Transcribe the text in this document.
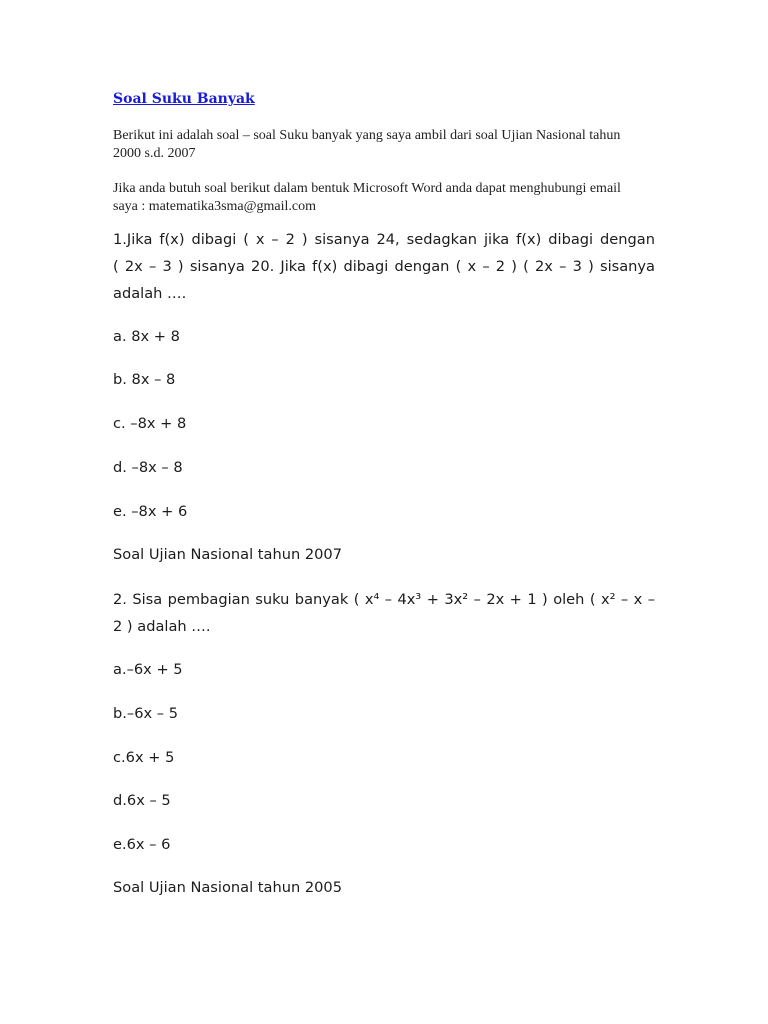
Soal Suku Banyak
Berikut ini adalah soal – soal Suku banyak yang saya ambil dari soal Ujian Nasional tahun
2000 s.d. 2007
Jika anda butuh soal berikut dalam bentuk Microsoft Word anda dapat menghubungi email
saya : matematika3sma@gmail.com
1.Jika f(x) dibagi ( x – 2 ) sisanya 24, sedagkan jika f(x) dibagi dengan
( 2x – 3 ) sisanya 20. Jika f(x) dibagi dengan ( x – 2 ) ( 2x – 3 ) sisanya
adalah ….
a. 8x + 8
b. 8x – 8
c. –8x + 8
d. –8x – 8
e. –8x + 6
Soal Ujian Nasional tahun 2007
2. Sisa pembagian suku banyak ( x⁴ – 4x³ + 3x² – 2x + 1 ) oleh ( x² – x –
2 ) adalah ….
a.–6x + 5
b.–6x – 5
c.6x + 5
d.6x – 5
e.6x – 6
Soal Ujian Nasional tahun 2005
